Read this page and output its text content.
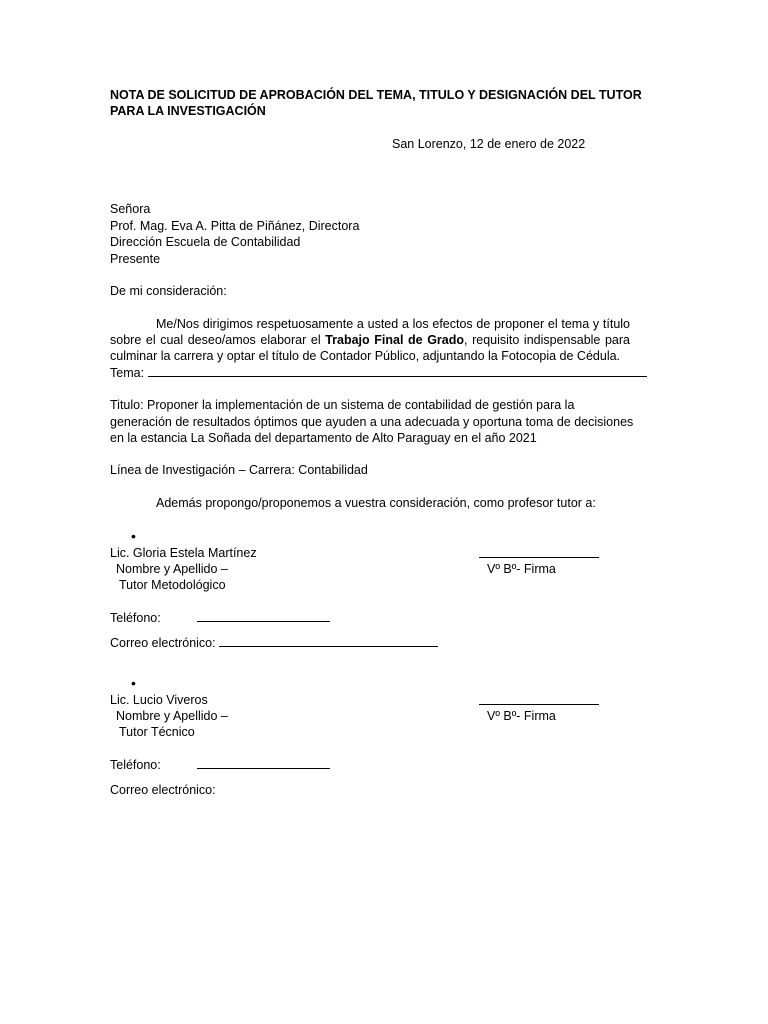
NOTA DE SOLICITUD DE APROBACIÓN DEL TEMA, TITULO Y DESIGNACIÓN DEL TUTOR PARA LA INVESTIGACIÓN
San Lorenzo, 12 de enero de 2022
Señora
Prof. Mag. Eva A. Pitta de Piñánez, Directora
Dirección Escuela de Contabilidad
Presente
De mi consideración:
Me/Nos dirigimos respetuosamente a usted a los efectos de proponer el tema y título
sobre el cual deseo/amos elaborar el Trabajo Final de Grado, requisito indispensable para
culminar la carrera y optar el título de Contador Público, adjuntando la Fotocopia de Cédula.
Tema:
Titulo: Proponer la implementación de un sistema de contabilidad de gestión para la
generación de resultados óptimos que ayuden a una adecuada y oportuna toma de decisiones
en la estancia La Soñada del departamento de Alto Paraguay en el año 2021
Línea de Investigación – Carrera: Contabilidad
Además propongo/proponemos a vuestra consideración, como profesor tutor a:
•
Lic. Gloria Estela Martínez
Nombre y Apellido –
Tutor Metodológico
Vº Bº- Firma
Teléfono:
Correo electrónico:
•
Lic. Lucio Viveros
Nombre y Apellido –
Tutor Técnico
Vº Bº- Firma
Teléfono:
Correo electrónico:
